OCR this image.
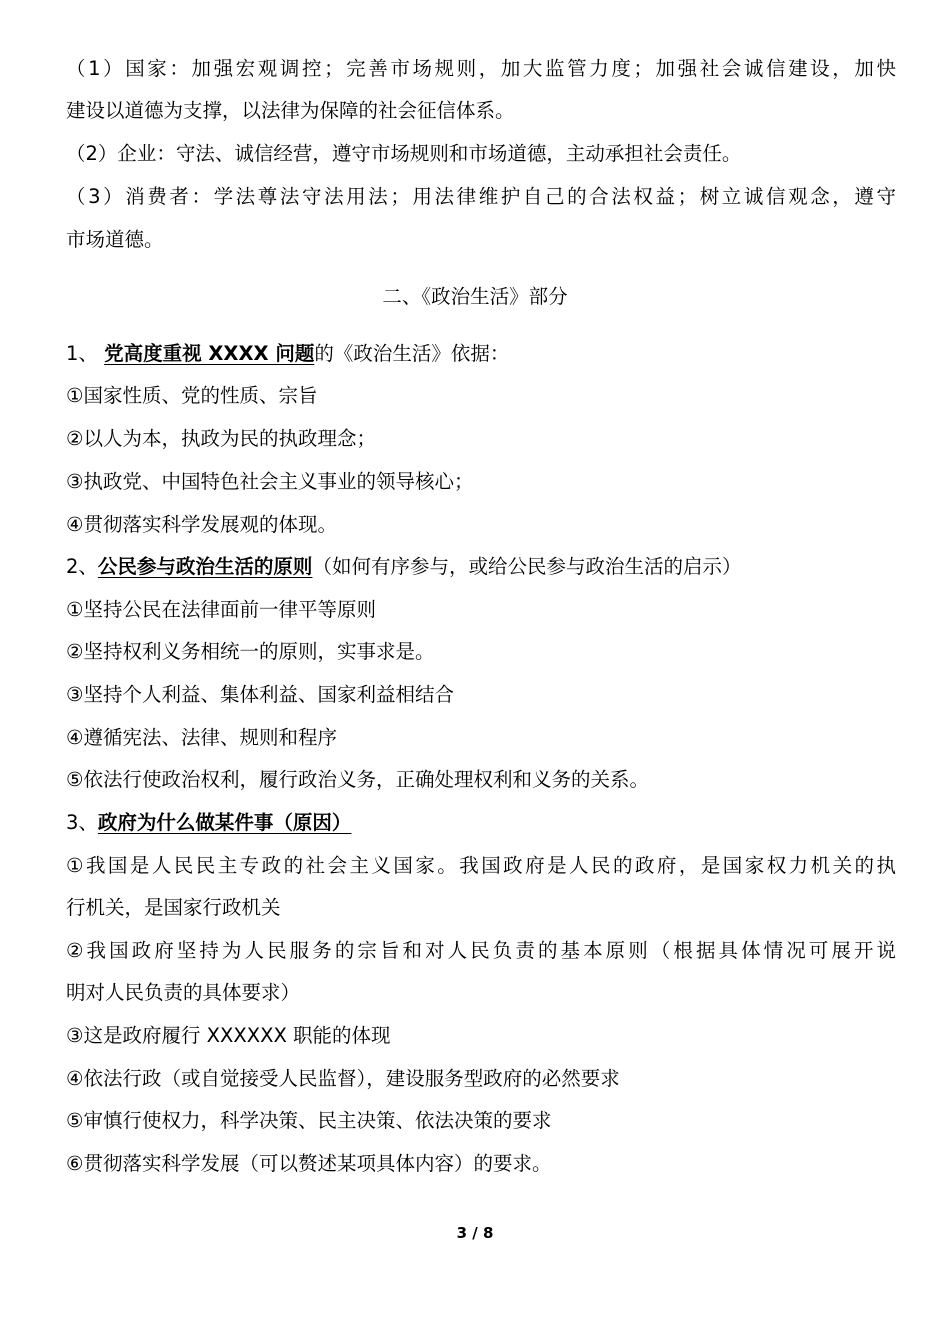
（1）国家：加强宏观调控；完善市场规则，加大监管力度；加强社会诚信建设，加快
建设以道德为支撑，以法律为保障的社会征信体系。
（2）企业：守法、诚信经营，遵守市场规则和市场道德，主动承担社会责任。
（3）消费者：学法尊法守法用法；用法律维护自己的合法权益；树立诚信观念，遵守
市场道德。
二、《政治生活》部分
1、 党高度重视 XXXX 问题的《政治生活》依据：
①国家性质、党的性质、宗旨
②以人为本，执政为民的执政理念；
③执政党、中国特色社会主义事业的领导核心；
④贯彻落实科学发展观的体现。
2、公民参与政治生活的原则（如何有序参与，或给公民参与政治生活的启示）
①坚持公民在法律面前一律平等原则
②坚持权利义务相统一的原则，实事求是。
③坚持个人利益、集体利益、国家利益相结合
④遵循宪法、法律、规则和程序
⑤依法行使政治权利，履行政治义务，正确处理权利和义务的关系。
3、政府为什么做某件事（原因）
①我国是人民民主专政的社会主义国家。我国政府是人民的政府，是国家权力机关的执
行机关，是国家行政机关
②我国政府坚持为人民服务的宗旨和对人民负责的基本原则（根据具体情况可展开说
明对人民负责的具体要求）
③这是政府履行 XXXXXX 职能的体现
④依法行政（或自觉接受人民监督），建设服务型政府的必然要求
⑤审慎行使权力，科学决策、民主决策、依法决策的要求
⑥贯彻落实科学发展（可以赘述某项具体内容）的要求。
3 / 8
